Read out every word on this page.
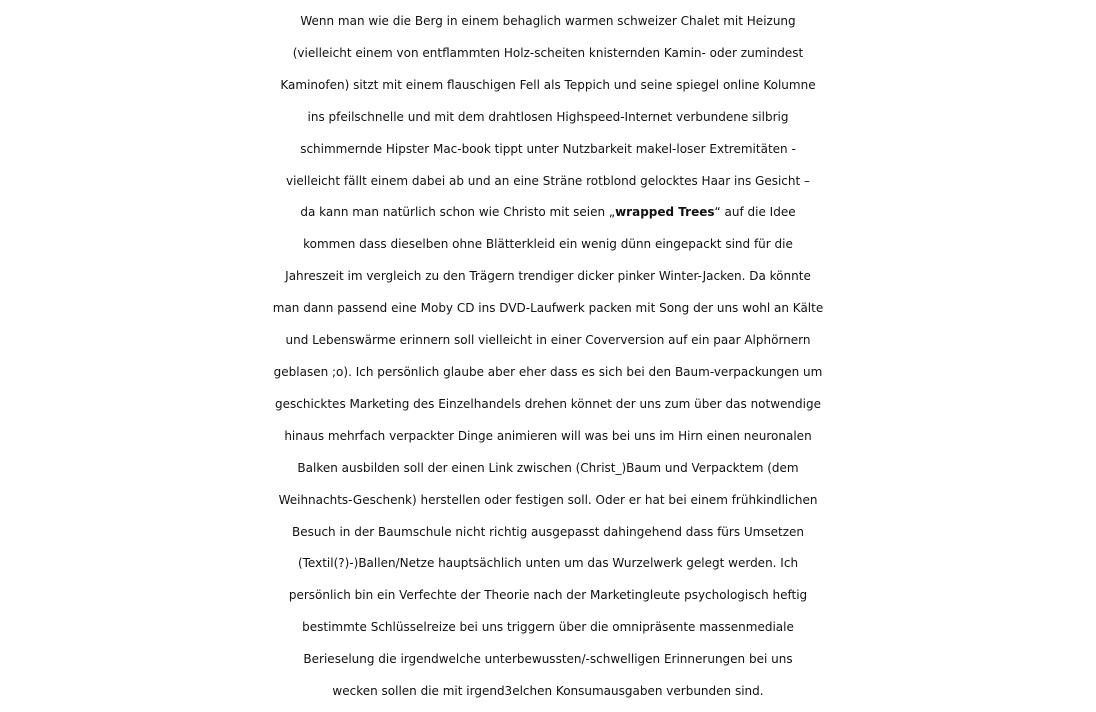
Wenn man wie die Berg in einem behaglich warmen schweizer Chalet mit Heizung
(vielleicht einem von entflammten Holz-scheiten knisternden Kamin- oder zumindest
Kaminofen) sitzt mit einem flauschigen Fell als Teppich und seine spiegel online Kolumne
ins pfeilschnelle und mit dem drahtlosen Highspeed-Internet verbundene silbrig
schimmernde Hipster Mac-book tippt unter Nutzbarkeit makel-loser Extremitäten -
vielleicht fällt einem dabei ab und an eine Sträne rotblond gelocktes Haar ins Gesicht –
da kann man natürlich schon wie Christo mit seien „wrapped Trees“ auf die Idee
kommen dass dieselben ohne Blätterkleid ein wenig dünn eingepackt sind für die
Jahreszeit im vergleich zu den Trägern trendiger dicker pinker Winter-Jacken. Da könnte
man dann passend eine Moby CD ins DVD-Laufwerk packen mit Song der uns wohl an Kälte
und Lebenswärme erinnern soll vielleicht in einer Coverversion auf ein paar Alphörnern
geblasen ;o). Ich persönlich glaube aber eher dass es sich bei den Baum-verpackungen um
geschicktes Marketing des Einzelhandels drehen könnet der uns zum über das notwendige
hinaus mehrfach verpackter Dinge animieren will was bei uns im Hirn einen neuronalen
Balken ausbilden soll der einen Link zwischen (Christ_)Baum und Verpacktem (dem
Weihnachts-Geschenk) herstellen oder festigen soll. Oder er hat bei einem frühkindlichen
Besuch in der Baumschule nicht richtig ausgepasst dahingehend dass fürs Umsetzen
(Textil(?)-)Ballen/Netze hauptsächlich unten um das Wurzelwerk gelegt werden. Ich
persönlich bin ein Verfechte der Theorie nach der Marketingleute psychologisch heftig
bestimmte Schlüsselreize bei uns triggern über die omnipräsente massenmediale
Berieselung die irgendwelche unterbewussten/-schwelligen Erinnerungen bei uns
wecken sollen die mit irgend3elchen Konsumausgaben verbunden sind.
